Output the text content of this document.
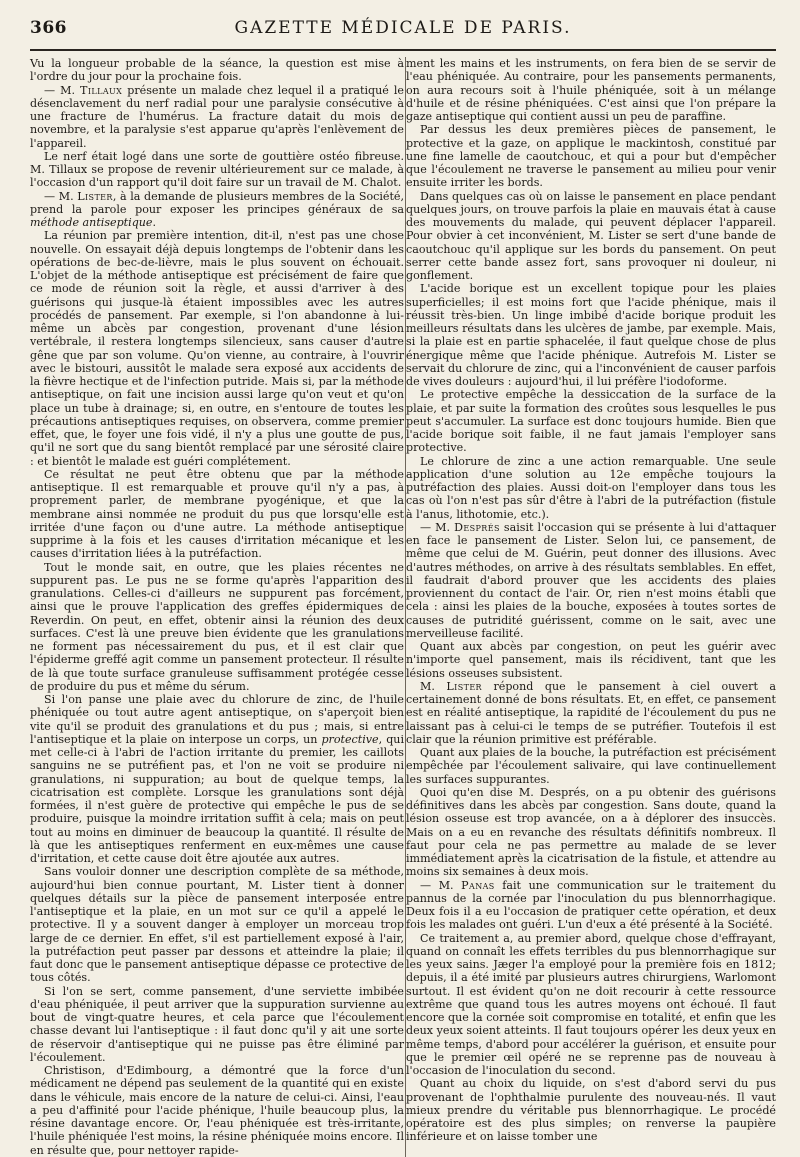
366	GAZETTE MÉDICALE DE PARIS.

Vu la longueur probable de la séance, la question est mise à l'ordre du jour pour la prochaine fois.

— M. Tillaux présente un malade chez lequel il a pratiqué le désenclavement du nerf radial pour une paralysie consécutive à une fracture de l'humérus. La fracture datait du mois de novembre, et la paralysie s'est apparue qu'après l'enlèvement de l'appareil.

Le nerf était logé dans une sorte de gouttière ostéo fibreuse. M. Tillaux se propose de revenir ultérieurement sur ce malade, à l'occasion d'un rapport qu'il doit faire sur un travail de M. Chalot.

— M. Lister, à la demande de plusieurs membres de la Société, prend la parole pour exposer les principes généraux de sa méthode antiseptique.

La réunion par première intention, dit-il, n'est pas une chose nouvelle. On essayait déjà depuis longtemps de l'obtenir dans les opérations de bec-de-lièvre, mais le plus souvent on échouait. L'objet de la méthode antiseptique est précisément de faire que ce mode de réunion soit la règle, et aussi d'arriver à des guérisons qui jusque-là étaient impossibles avec les autres procédés de pansement. Par exemple, si l'on abandonne à lui-même un abcès par congestion, provenant d'une lésion vertébrale, il restera longtemps silencieux, sans causer d'autre gêne que par son volume. Qu'on vienne, au contraire, à l'ouvrir avec le bistouri, aussitôt le malade sera exposé aux accidents de la fièvre hectique et de l'infection putride. Mais si, par la méthode antiseptique, on fait une incision aussi large qu'on veut et qu'on place un tube à drainage; si, en outre, en s'entoure de toutes les précautions antiseptiques requises, on observera, comme premier effet, que, le foyer une fois vidé, il n'y a plus une goutte de pus, qu'il ne sort que du sang bientôt remplacé par une sérosité claire : et bientôt le malade est guéri complétement.

Ce résultat ne peut être obtenu que par la méthode antiseptique. Il est remarquable et prouve qu'il n'y a pas, à proprement parler, de membrane pyogénique, et que la membrane ainsi nommée ne produit du pus que lorsqu'elle est irritée d'une façon ou d'une autre. La méthode antiseptique supprime à la fois et les causes d'irritation mécanique et les causes d'irritation liées à la putréfaction.

Tout le monde sait, en outre, que les plaies récentes ne suppurent pas. Le pus ne se forme qu'après l'apparition des granulations. Celles-ci d'ailleurs ne suppurent pas forcément, ainsi que le prouve l'application des greffes épidermiques de Reverdin. On peut, en effet, obtenir ainsi la réunion des deux surfaces. C'est là une preuve bien évidente que les granulations ne forment pas nécessairement du pus, et il est clair que l'épiderme greffé agit comme un pansement protecteur. Il résulte de là que toute surface granuleuse suffisamment protégée cesse de produire du pus et même du sérum.

Si l'on panse une plaie avec du chlorure de zinc, de l'huile phéniquée ou tout autre agent antiseptique, on s'aperçoit bien vite qu'il se produit des granulations et du pus ; mais, si entre l'antiseptique et la plaie on interpose un corps, un protective, qui met celle-ci à l'abri de l'action irritante du premier, les caillots sanguins ne se putréfient pas, et l'on ne voit se produire ni granulations, ni suppuration; au bout de quelque temps, la cicatrisation est complète. Lorsque les granulations sont déjà formées, il n'est guère de protective qui empêche le pus de se produire, puisque la moindre irritation suffit à cela; mais on peut tout au moins en diminuer de beaucoup la quantité. Il résulte de là que les antiseptiques renferment en eux-mêmes une cause d'irritation, et cette cause doit être ajoutée aux autres.

Sans vouloir donner une description complète de sa méthode, aujourd'hui bien connue pourtant, M. Lister tient à donner quelques détails sur la pièce de pansement interposée entre l'antiseptique et la plaie, en un mot sur ce qu'il a appelé le protective. Il y a souvent danger à employer un morceau trop large de ce dernier. En effet, s'il est partiellement exposé à l'air, la putréfaction peut passer par dessons et atteindre la plaie; il faut donc que le pansement antiseptique dépasse ce protective de tous côtés.

Si l'on se sert, comme pansement, d'une serviette imbibée d'eau phéniquée, il peut arriver que la suppuration survienne au bout de vingt-quatre heures, et cela parce que l'écoulement chasse devant lui l'antiseptique : il faut donc qu'il y ait une sorte de réservoir d'antiseptique qui ne puisse pas être éliminé par l'écoulement.

Christison, d'Edimbourg, a démontré que la force d'un médicament ne dépend pas seulement de la quantité qui en existe dans le véhicule, mais encore de la nature de celui-ci. Ainsi, l'eau a peu d'affinité pour l'acide phénique, l'huile beaucoup plus, la résine davantage encore. Or, l'eau phéniquée est très-irritante, l'huile phéniquée l'est moins, la résine phéniquée moins encore. Il en résulte que, pour nettoyer rapide-

ment les mains et les instruments, on fera bien de se servir de l'eau phéniquée. Au contraire, pour les pansements permanents, on aura recours soit à l'huile phéniquée, soit à un mélange d'huile et de résine phéniquées. C'est ainsi que l'on prépare la gaze antiseptique qui contient aussi un peu de paraffine.

Par dessus les deux premières pièces de pansement, le protective et la gaze, on applique le mackintosh, constitué par une fine lamelle de caoutchouc, et qui a pour but d'empêcher que l'écoulement ne traverse le pansement au milieu pour venir ensuite irriter les bords.

Dans quelques cas où on laisse le pansement en place pendant quelques jours, on trouve parfois la plaie en mauvais état à cause des mouvements du malade, qui peuvent déplacer l'appareil. Pour obvier à cet inconvénient, M. Lister se sert d'une bande de caoutchouc qu'il applique sur les bords du pansement. On peut serrer cette bande assez fort, sans provoquer ni douleur, ni gonflement.

L'acide borique est un excellent topique pour les plaies superficielles; il est moins fort que l'acide phénique, mais il réussit très-bien. Un linge imbibé d'acide borique produit les meilleurs résultats dans les ulcères de jambe, par exemple. Mais, si la plaie est en partie sphacelée, il faut quelque chose de plus énergique même que l'acide phénique. Autrefois M. Lister se servait du chlorure de zinc, qui a l'inconvénient de causer parfois de vives douleurs : aujourd'hui, il lui préfère l'iodoforme.

Le protective empêche la dessiccation de la surface de la plaie, et par suite la formation des croûtes sous lesquelles le pus peut s'accumuler. La surface est donc toujours humide. Bien que l'acide borique soit faible, il ne faut jamais l'employer sans protective.

Le chlorure de zinc a une action remarquable. Une seule application d'une solution au 12e empêche toujours la putréfaction des plaies. Aussi doit-on l'employer dans tous les cas où l'on n'est pas sûr d'être à l'abri de la putréfaction (fistule à l'anus, lithotomie, etc.).

— M. Després saisit l'occasion qui se présente à lui d'attaquer en face le pansement de Lister. Selon lui, ce pansement, de même que celui de M. Guérin, peut donner des illusions. Avec d'autres méthodes, on arrive à des résultats semblables. En effet, il faudrait d'abord prouver que les accidents des plaies proviennent du contact de l'air. Or, rien n'est moins établi que cela : ainsi les plaies de la bouche, exposées à toutes sortes de causes de putridité guérissent, comme on le sait, avec une merveilleuse facilité.

Quant aux abcès par congestion, on peut les guérir avec n'importe quel pansement, mais ils récidivent, tant que les lésions osseuses subsistent.

M. Lister répond que le pansement à ciel ouvert a certainement donné de bons résultats. Et, en effet, ce pansement est en réalité antiseptique, la rapidité de l'écoulement du pus ne laissant pas à celui-ci le temps de se putréfier. Toutefois il est clair que la réunion primitive est préférable.

Quant aux plaies de la bouche, la putréfaction est précisément empêchée par l'écoulement salivaire, qui lave continuellement les surfaces suppurantes.

Quoi qu'en dise M. Després, on a pu obtenir des guérisons définitives dans les abcès par congestion. Sans doute, quand la lésion osseuse est trop avancée, on a à déplorer des insuccès. Mais on a eu en revanche des résultats définitifs nombreux. Il faut pour cela ne pas permettre au malade de se lever immédiatement après la cicatrisation de la fistule, et attendre au moins six semaines à deux mois.

— M. Panas fait une communication sur le traitement du pannus de la cornée par l'inoculation du pus blennorrhagique. Deux fois il a eu l'occasion de pratiquer cette opération, et deux fois les malades ont guéri. L'un d'eux a été présenté à la Société.

Ce traitement a, au premier abord, quelque chose d'effrayant, quand on connaît les effets terribles du pus blennorrhagique sur les yeux sains. Jæger l'a employé pour la première fois en 1812; depuis, il a été imité par plusieurs autres chirurgiens, Warlomont surtout. Il est évident qu'on ne doit recourir à cette ressource extrême que quand tous les autres moyens ont échoué. Il faut encore que la cornée soit compromise en totalité, et enfin que les deux yeux soient atteints. Il faut toujours opérer les deux yeux en même temps, d'abord pour accélérer la guérison, et ensuite pour que le premier œil opéré ne se reprenne pas de nouveau à l'occasion de l'inoculation du second.

Quant au choix du liquide, on s'est d'abord servi du pus provenant de l'ophthalmie purulente des nouveau-nés. Il vaut mieux prendre du véritable pus blennorrhagique. Le procédé opératoire est des plus simples; on renverse la paupière inférieure et on laisse tomber une
